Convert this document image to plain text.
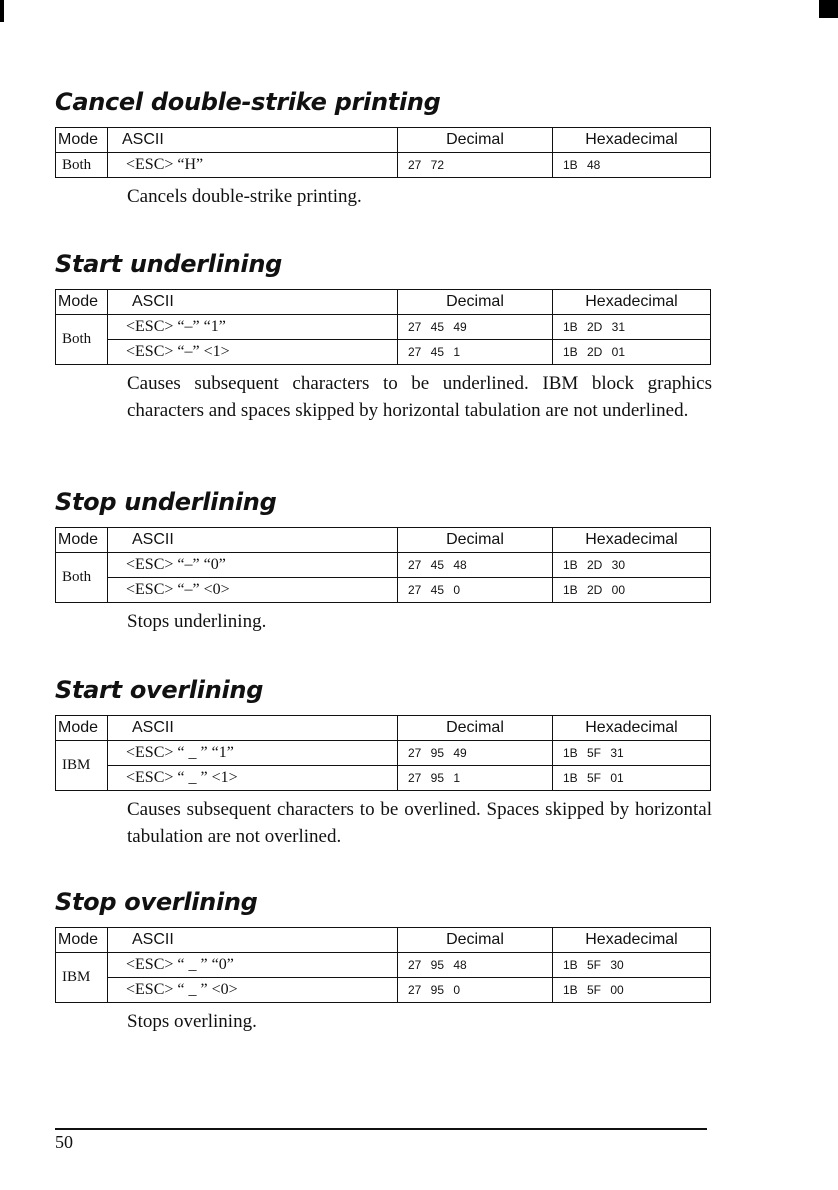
Cancel double-strike printing
Mode	ASCII	Decimal	Hexadecimal
Both	<ESC> “H”	27 72	1B 48

Cancels double-strike printing.

Start underlining
Mode	ASCII	Decimal	Hexadecimal
Both	<ESC> “–” “1”	27 45 49	1B 2D 31
	<ESC> “–” <1>	27 45 1	1B 2D 01

Causes subsequent characters to be underlined. IBM block graphics characters and spaces skipped by horizontal tabulation are not underlined.

Stop underlining
Mode	ASCII	Decimal	Hexadecimal
Both	<ESC> “–” “0”	27 45 48	1B 2D 30
	<ESC> “–” <0>	27 45 0	1B 2D 00

Stops underlining.

Start overlining
Mode	ASCII	Decimal	Hexadecimal
IBM	<ESC> “ _ ” “1”	27 95 49	1B 5F 31
	<ESC> “ _ ” <1>	27 95 1	1B 5F 01

Causes subsequent characters to be overlined. Spaces skipped by horizontal tabulation are not overlined.

Stop overlining
Mode	ASCII	Decimal	Hexadecimal
IBM	<ESC> “ _ ” “0”	27 95 48	1B 5F 30
	<ESC> “ _ ” <0>	27 95 0	1B 5F 00

Stops overlining.

50
